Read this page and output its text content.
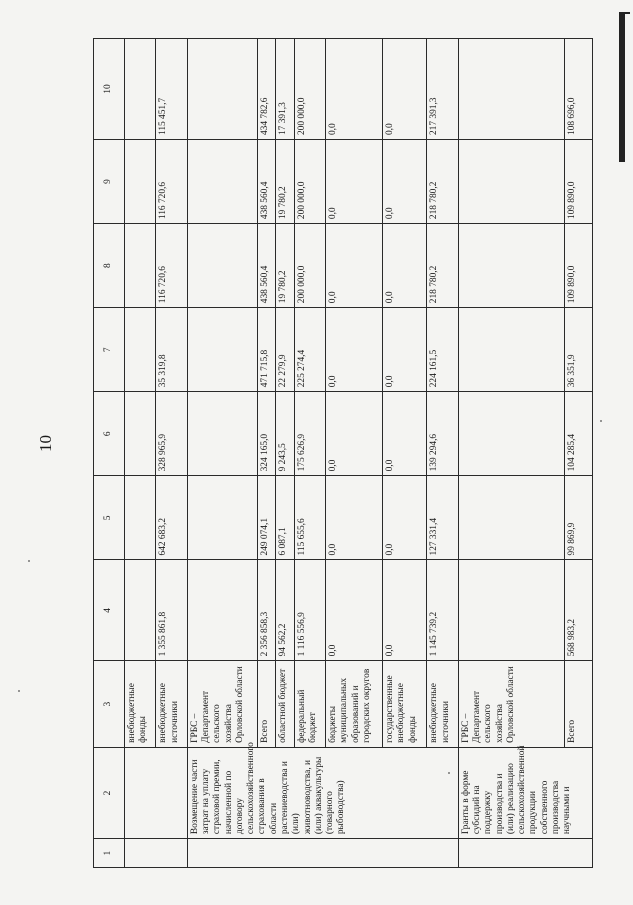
10
1	2	3	4	5	6	7	8	9	10
		внебюджетные фонды							
		внебюджетные источники	1 355 861,8	642 683,2	328 965,9	35 319,8	116 720,6	116 720,6	115 451,7
	Возмещение части затрат на уплату страховой премии, начисленной по договору сельскохозяйственного страхования в области растениеводства и (или) животноводства, и (или) аквакультуры (товарного рыбоводства)	ГРБС – Департамент сельского хозяйства Орловской области							
		Всего	2 356 858,3	249 074,1	324 165,0	471 715,8	438 560,4	438 560,4	434 782,6
		областной бюджет	94 562,2	6 087,1	9 243,5	22 279,9	19 780,2	19 780,2	17 391,3
		федеральный бюджет	1 116 556,9	115 655,6	175 626,9	225 274,4	200 000,0	200 000,0	200 000,0
		бюджеты муниципальных образований и городских округов	0,0	0,0	0,0	0,0	0,0	0,0	0,0
		государственные внебюджетные фонды	0,0	0,0	0,0	0,0	0,0	0,0	0,0
		внебюджетные источники	1 145 739,2	127 331,4	139 294,6	224 161,5	218 780,2	218 780,2	217 391,3
	Гранты в форме субсидий на поддержку производства и (или) реализацию сельскохозяйственной продукции собственного производства научными и	ГРБС – Департамент сельского хозяйства Орловской области							
		Всего	568 983,2	99 869,9	104 285,4	36 351,9	109 890,0	109 890,0	108 696,0
